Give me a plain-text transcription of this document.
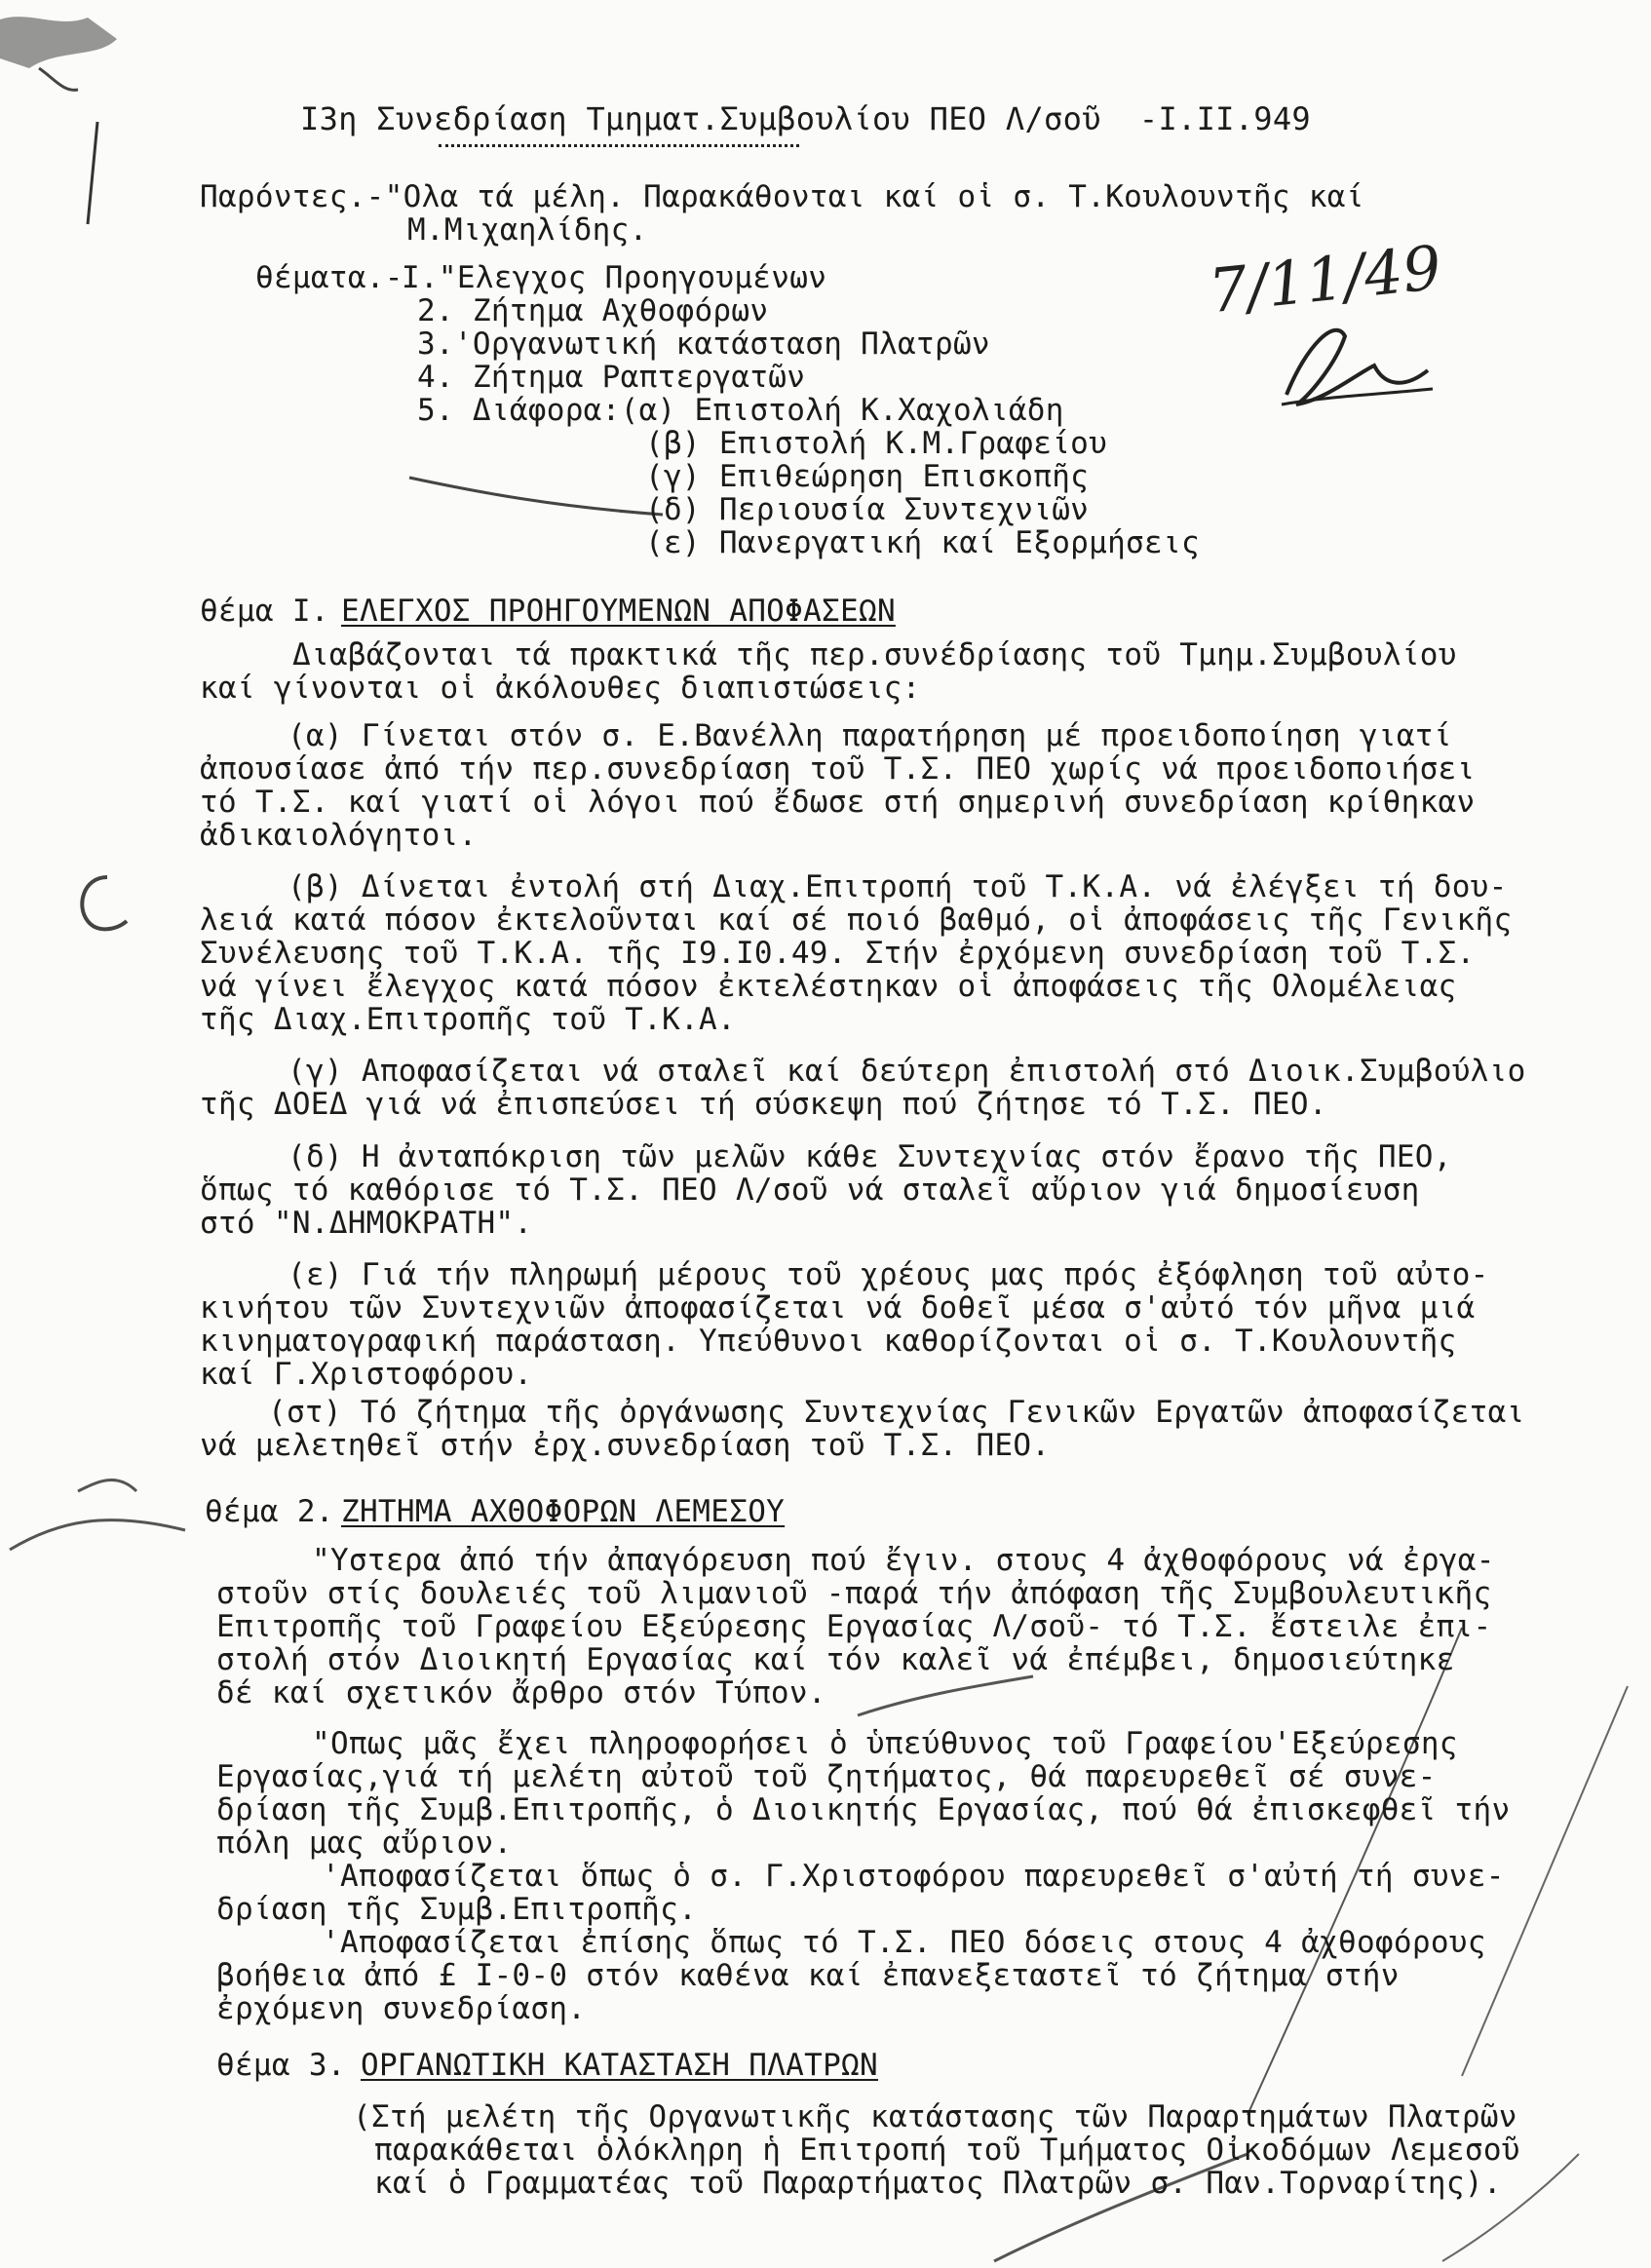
I3η Συνεδρίαση Τμηματ.Συμβουλίου ΠΕΟ Λ/σοῦ  -I.II.949
Παρόντες.-"Ολα τά μέλη. Παρακάθονται καί οἱ σ. Τ.Κουλουντῆς καί
Μ.Μιχαηλίδης.
θέματα.-
I."Ελεγχος Προηγουμένων
2. Ζήτημα Αχθοφόρων
3.'Οργανωτική κατάσταση Πλατρῶν
4. Ζήτημα Ραπτεργατῶν
5. Διάφορα:(α) Επιστολή Κ.Χαχολιάδη
(β) Επιστολή Κ.Μ.Γραφείου
(γ) Επιθεώρηση Επισκοπῆς
(δ) Περιουσία Συντεχνιῶν
(ε) Πανεργατική καί Εξορμήσεις
7/11/49
θέμα I. ΕΛΕΓΧΟΣ ΠΡΟΗΓΟΥΜΕΝΩΝ ΑΠΟΦΑΣΕΩΝ
Διαβάζονται τά πρακτικά τῆς περ.συνέδρίασης τοῦ Τμημ.Συμβουλίου
καί γίνονται οἱ ἀκόλουθες διαπιστώσεις:
(α) Γίνεται στόν σ. Ε.Βανέλλη παρατήρηση μέ προειδοποίηση γιατί
ἀπουσίασε ἀπό τήν περ.συνεδρίαση τοῦ Τ.Σ. ΠΕΟ χωρίς νά προειδοποιήσει
τό Τ.Σ. καί γιατί οἱ λόγοι πού ἔδωσε στή σημερινή συνεδρίαση κρίθηκαν
ἀδικαιολόγητοι.
(β) Δίνεται ἐντολή στή Διαχ.Επιτροπή τοῦ Τ.Κ.Α. νά ἐλέγξει τή δου-
λειά κατά πόσον ἐκτελοῦνται καί σέ ποιό βαθμό, οἱ ἀποφάσεις τῆς Γενικῆς
Συνέλευσης τοῦ Τ.Κ.Α. τῆς I9.I0.49. Στήν ἐρχόμενη συνεδρίαση τοῦ Τ.Σ.
νά γίνει ἔλεγχος κατά πόσον ἐκτελέστηκαν οἱ ἀποφάσεις τῆς Ολομέλειας
τῆς Διαχ.Επιτροπῆς τοῦ Τ.Κ.Α.
(γ) Αποφασίζεται νά σταλεῖ καί δεύτερη ἐπιστολή στό Διοικ.Συμβούλιο
τῆς ΔΟΕΔ γιά νά ἐπισπεύσει τή σύσκεψη πού ζήτησε τό Τ.Σ. ΠΕΟ.
(δ) Η ἀνταπόκριση τῶν μελῶν κάθε Συντεχνίας στόν ἔρανο τῆς ΠΕΟ,
ὅπως τό καθόρισε τό Τ.Σ. ΠΕΟ Λ/σοῦ νά σταλεῖ αὔριον γιά δημοσίευση
στό "Ν.ΔΗΜΟΚΡΑΤΗ".
(ε) Γιά τήν πληρωμή μέρους τοῦ χρέους μας πρός ἐξόφληση τοῦ αὐτο-
κινήτου τῶν Συντεχνιῶν ἀποφασίζεται νά δοθεῖ μέσα σ'αὐτό τόν μῆνα μιά
κινηματογραφική παράσταση. Υπεύθυνοι καθορίζονται οἱ σ. Τ.Κουλουντῆς
καί Γ.Χριστοφόρου.
(στ) Τό ζήτημα τῆς ὀργάνωσης Συντεχνίας Γενικῶν Εργατῶν ἀποφασίζεται
νά μελετηθεῖ στήν ἐρχ.συνεδρίαση τοῦ Τ.Σ. ΠΕΟ.
θέμα 2. ΖΗΤΗΜΑ ΑΧΘΟΦΟΡΩΝ ΛΕΜΕΣΟΥ
"Υστερα ἀπό τήν ἀπαγόρευση πού ἔγιν. στους 4 ἀχθοφόρους νά ἐργα-
στοῦν στίς δουλειές τοῦ λιμανιοῦ -παρά τήν ἀπόφαση τῆς Συμβουλευτικῆς
Επιτροπῆς τοῦ Γραφείου Εξεύρεσης Εργασίας Λ/σοῦ- τό Τ.Σ. ἔστειλε ἐπι-
στολή στόν Διοικητή Εργασίας καί τόν καλεῖ νά ἐπέμβει, δημοσιεύτηκε
δέ καί σχετικόν ἄρθρο στόν Τύπον.
"Οπως μᾶς ἔχει πληροφορήσει ὁ ὑπεύθυνος τοῦ Γραφείου'Εξεύρεσης
Εργασίας,γιά τή μελέτη αὐτοῦ τοῦ ζητήματος, θά παρευρεθεῖ σέ συνε-
δρίαση τῆς Συμβ.Επιτροπῆς, ὁ Διοικητής Εργασίας, πού θά ἐπισκεφθεῖ τήν
πόλη μας αὔριον.
'Αποφασίζεται ὅπως ὁ σ. Γ.Χριστοφόρου παρευρεθεῖ σ'αὐτή τή συνε-
δρίαση τῆς Συμβ.Επιτροπῆς.
'Αποφασίζεται ἐπίσης ὅπως τό Τ.Σ. ΠΕΟ δόσεις στους 4 ἀχθοφόρους
βοήθεια ἀπό £ I-0-0 στόν καθένα καί ἐπανεξεταστεῖ τό ζήτημα στήν
ἐρχόμενη συνεδρίαση.
θέμα 3. ΟΡΓΑΝΩΤΙΚΗ ΚΑΤΑΣΤΑΣΗ ΠΛΑΤΡΩΝ
(Στή μελέτη τῆς Οργανωτικῆς κατάστασης τῶν Παραρτημάτων Πλατρῶν
παρακάθεται ὁλόκληρη ἡ Επιτροπή τοῦ Τμήματος Οἰκοδόμων Λεμεσοῦ
καί ὁ Γραμματέας τοῦ Παραρτήματος Πλατρῶν σ. Παν.Τορναρίτης).
